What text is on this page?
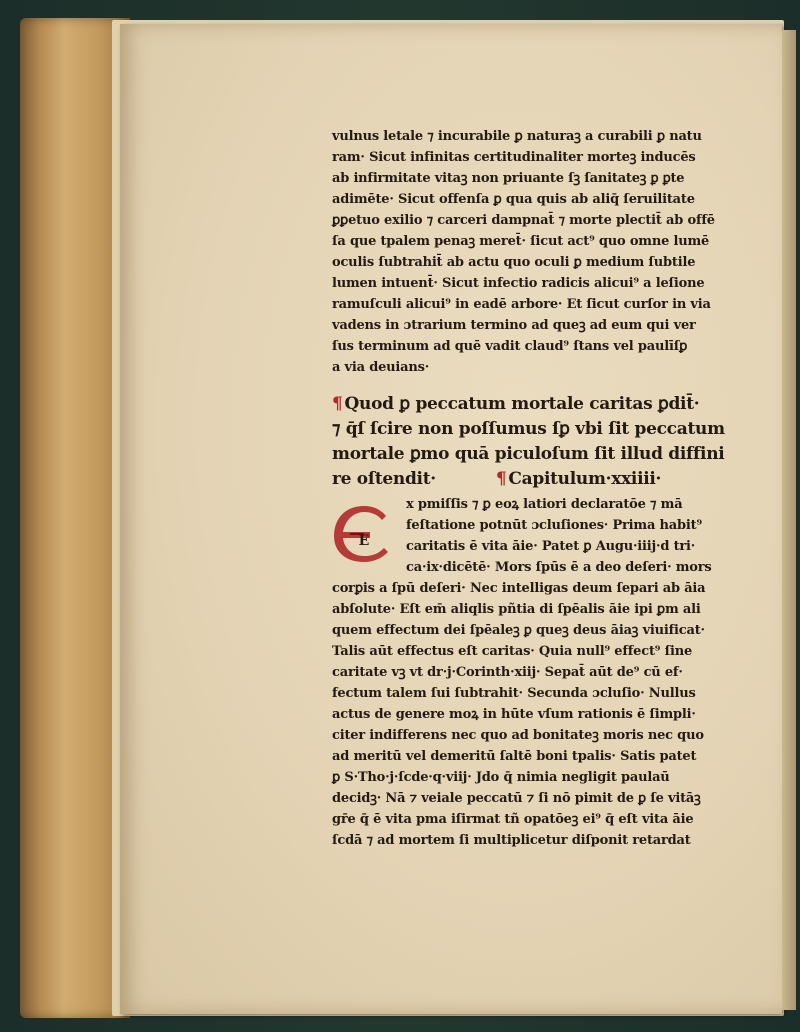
vulnus letale ⁊ incurabile ꝑ naturaꝫ a curabili ꝑ natu
ram· Sicut infinitas certitudinaliter morteꝫ inducēs
ab infirmitate vitaꝫ non priuante ſꝫ ſanitateꝫ ꝑ ꝑte
adimēte· Sicut offenſa ꝑ qua quis ab aliq̄ ſeruilitate
ꝑꝑetuo exilio ⁊ carceri dampnat̄ ⁊ morte plectit̄ ab offē
ſa que tpalem penaꝫ meret̄· ſicut act⁹ quo omne lumē
oculis ſubtrahit̄ ab actu quo oculi ꝑ medium ſubtile
lumen intuent̄· Sicut infectio radicis alicui⁹ a leſione
ramuſculi alicui⁹ in eadē arbore· Et ſicut curſor in via
vadens in ɔtrarium termino ad queꝫ ad eum qui ver
ſus terminum ad quē vadit claud⁹ ſtans vel paulīſꝑ
a via deuians·
¶ Quod ꝑ peccatum mortale caritas ꝑdit̄·
⁊ q̄ſ ſcire non poſſumus ſꝑ vbi ſit peccatum
mortale ꝑmo quā piculoſum ſit illud diffini
re oſtendit·	¶ Capitulum·xxiiii·
E
x pmiſſis ⁊ ꝑ eoꝝ latiori declaratōe ⁊ mā
feſtatione potnūt ɔcluſiones· Prima habit⁹
caritatis ē vita āie· Patet ꝑ Augu·iiij·d tri·
ca·ix·dicētē· Mors ſpūs ē a deo deſeri· mors
corꝑis a ſpū deſeri· Nec intelligas deum ſepari ab āia
abſolute· Eſt em̄ aliqlis pñtia di ſpēalis āie ipi ꝑm ali
quem effectum dei ſpēaleꝫ ꝑ queꝫ deus āiaꝫ viuificat·
Talis aūt effectus eſt caritas· Quia null⁹ effect⁹ ſine
caritate vꝫ vt dr·j·Corinth·xiij· Sepat̄ aūt de⁹ cū ef·
fectum talem ſui ſubtrahit· Secunda ɔcluſio· Nullus
actus de genere moꝝ in hūte vſum rationis ē ſimpli·
citer indifferens nec quo ad bonitateꝫ moris nec quo
ad meritū vel demeritū ſaltē boni tpalis· Satis patet
ꝑ S·Tho·j·ſcde·q·viij· Jdo q̄ nimia negligit paulaū
decidꝫ· Nā ⁊ veiale peccatū ⁊ ſi nō pimit de ꝑ ſe vitāꝫ
gr̄e q̄ ē vita pma iſirmat tñ opatōeꝫ ei⁹ q̄ eſt vita āie
ſcdā ⁊ ad mortem ſi multiplicetur diſponit retardat
